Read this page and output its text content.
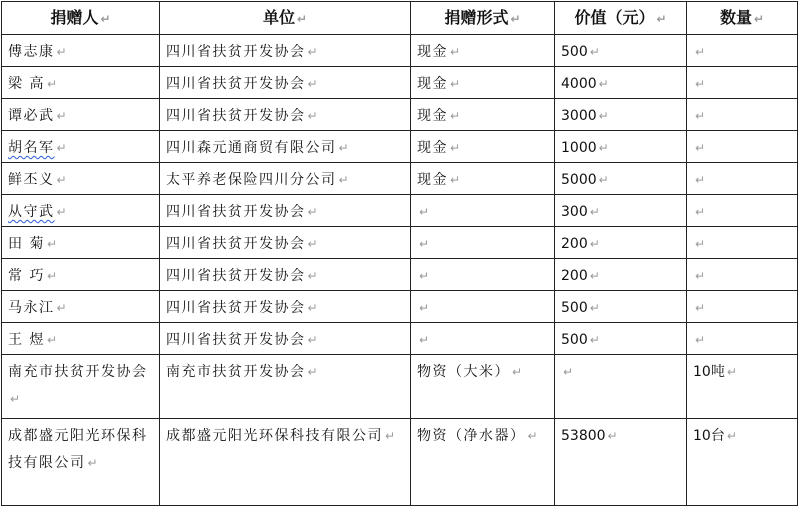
捐赠人 ↵	单位 ↵	捐赠形式 ↵	价值（元） ↵	数量 ↵
傅志康 ↵	四川省扶贫开发协会 ↵	现金 ↵	500 ↵	↵
梁 高 ↵	四川省扶贫开发协会 ↵	现金 ↵	4000 ↵	↵
谭必武 ↵	四川省扶贫开发协会 ↵	现金 ↵	3000 ↵	↵
胡名军 ↵	四川森元通商贸有限公司 ↵	现金 ↵	1000 ↵	↵
鲜丕义 ↵	太平养老保险四川分公司 ↵	现金 ↵	5000 ↵	↵
从守武 ↵	四川省扶贫开发协会 ↵	↵	300 ↵	↵
田 菊 ↵	四川省扶贫开发协会 ↵	↵	200 ↵	↵
常 巧 ↵	四川省扶贫开发协会 ↵	↵	200 ↵	↵
马永江 ↵	四川省扶贫开发协会 ↵	↵	500 ↵	↵
王 煜 ↵	四川省扶贫开发协会 ↵	↵	500 ↵	↵
南充市扶贫开发协会↵	南充市扶贫开发协会 ↵	物资（大米） ↵	↵	10吨 ↵
成都盛元阳光环保科技有限公司 ↵	成都盛元阳光环保科技有限公司 ↵	物资（净水器） ↵	53800 ↵	10台 ↵
